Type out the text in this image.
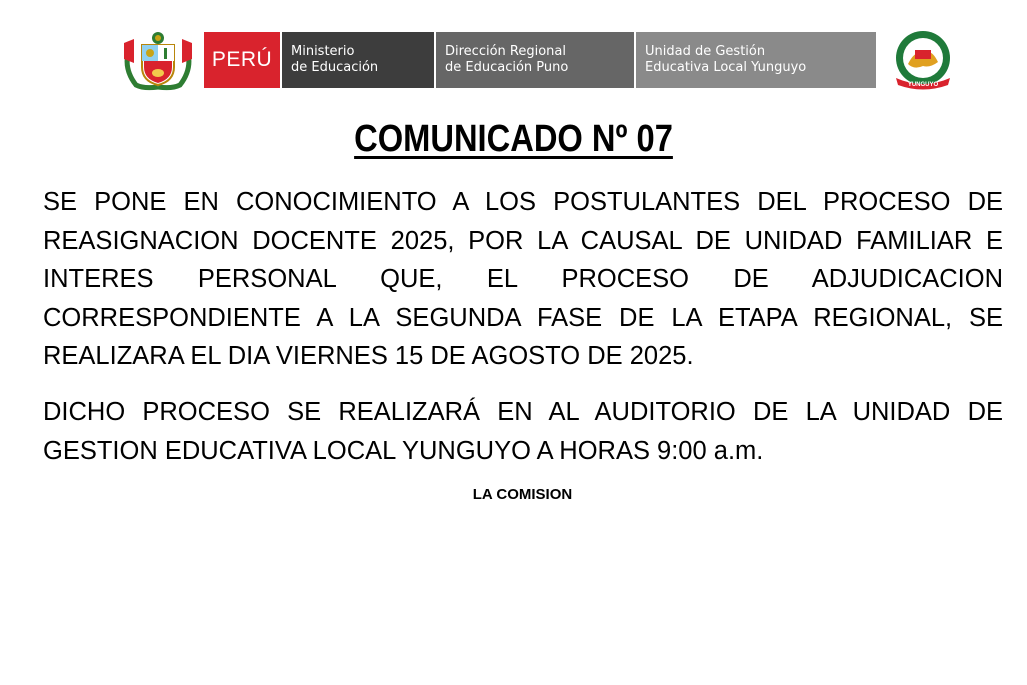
PERÚ	Ministerio
de Educación
Dirección Regional
de Educación Puno
Unidad de Gestión
Educativa Local Yunguyo
YUNGUYO
COMUNICADO Nº 07
SE PONE EN CONOCIMIENTO A LOS POSTULANTES DEL PROCESO DE REASIGNACION DOCENTE 2025, POR LA CAUSAL DE UNIDAD FAMILIAR E INTERES PERSONAL QUE, EL PROCESO DE ADJUDICACION CORRESPONDIENTE A LA SEGUNDA FASE DE LA ETAPA REGIONAL, SE REALIZARA EL DIA VIERNES 15 DE AGOSTO DE 2025.
DICHO PROCESO SE REALIZARÁ EN AL AUDITORIO DE LA UNIDAD DE GESTION EDUCATIVA LOCAL YUNGUYO A HORAS 9:00 a.m.
LA COMISION
